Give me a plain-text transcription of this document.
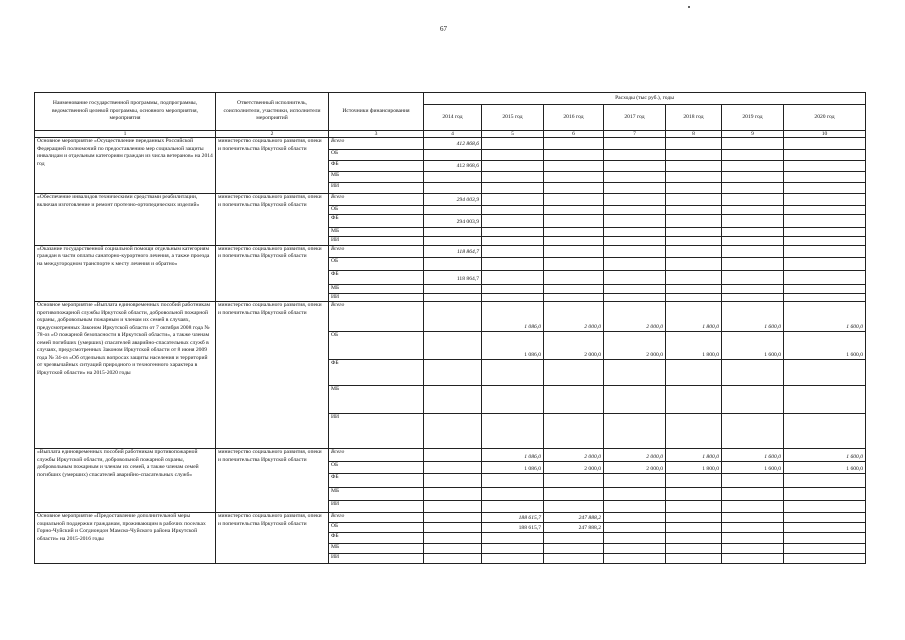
67
Наименование государственной программы, подпрограммы, ведомственной целевой программы, основного мероприятия, мероприятия	Ответственный исполнитель, соисполнители, участники, исполнители мероприятий	Источники финансирования	Расходы (тыс руб.), годы						
			2014 год	2015 год	2016 год	2017 год	2018 год	2019 год	2020 год
1	2	3	4	5	6	7	8	9	10
Основное мероприятие «Осуществление переданных Российской Федерацией полномочий по предоставлению мер социальной защиты инвалидам и отдельным категориям граждан из числа ветеранов» на 2014 год	министерство социального развития, опеки и попечительства Иркутской области	Всего	412 868,6						
		ОБ							
		ФБ	412 868,6						
		МБ							
		ИИ							
«Обеспечение инвалидов техническими средствами реабилитации, включая изготовление и ремонт протезно-ортопедических изделий»	министерство социального развития, опеки и попечительства Иркутской области	Всего	294 003,9						
		ОБ							
		ФБ	294 003,9						
		МБ							
		ИИ							
«Оказание государственной социальной помощи отдельным категориям граждан в части оплаты санаторно-курортного лечения, а также проезда на междугородном транспорте к месту лечения и обратно»	министерство социального развития, опеки и попечительства Иркутской области	Всего	118 864,7						
		ОБ							
		ФБ	118 864,7						
		МБ							
		ИИ							
Основное мероприятие «Выплата единовременных пособий работникам противопожарной службы Иркутской области, добровольной пожарной охраны, добровольным пожарным и членам их семей в случаях, предусмотренных Законом Иркутской области от 7 октября 2008 года № 78-оз «О пожарной безопасности в Иркутской области», а также членам семей погибших (умерших) спасателей аварийно-спасательных служб в случаях, предусмотренных Законом Иркутской области от 8 июня 2009 года № 34-оз «Об отдельных вопросах защиты населения и территорий от чрезвычайных ситуаций природного и техногенного характера в Иркутской области» на 2015-2020 годы	министерство социального развития, опеки и попечительства Иркутской области	Всего		1 086,0	2 000,0	2 000,0	1 800,0	1 600,0	1 600,0
		ОБ		1 086,0	2 000,0	2 000,0	1 800,0	1 600,0	1 600,0
		ФБ							
		МБ							
		ИИ							
«Выплата единовременных пособий работникам противопожарной службы Иркутской области, добровольной пожарной охраны, добровольным пожарным и членам их семей, а также членам семей погибших (умерших) спасателей аварийно-спасательных служб»	министерство социального развития, опеки и попечительства Иркутской области	Всего		1 086,0	2 000,0	2 000,0	1 800,0	1 600,0	1 600,0
		ОБ		1 086,0	2 000,0	2 000,0	1 800,0	1 600,0	1 600,0
		ФБ							
		МБ							
		ИИ							
Основное мероприятие «Предоставление дополнительной меры социальной поддержки гражданам, проживающим в рабочих поселках Горно-Чуйский и Согдиондон Мамско-Чуйского района Иркутской области» на 2015-2016 годы	министерство социального развития, опеки и попечительства Иркутской области	Всего		188 615,7	247 888,2				
		ОБ		188 615,7	247 888,2				
		ФБ							
		МБ							
		ИИ							
